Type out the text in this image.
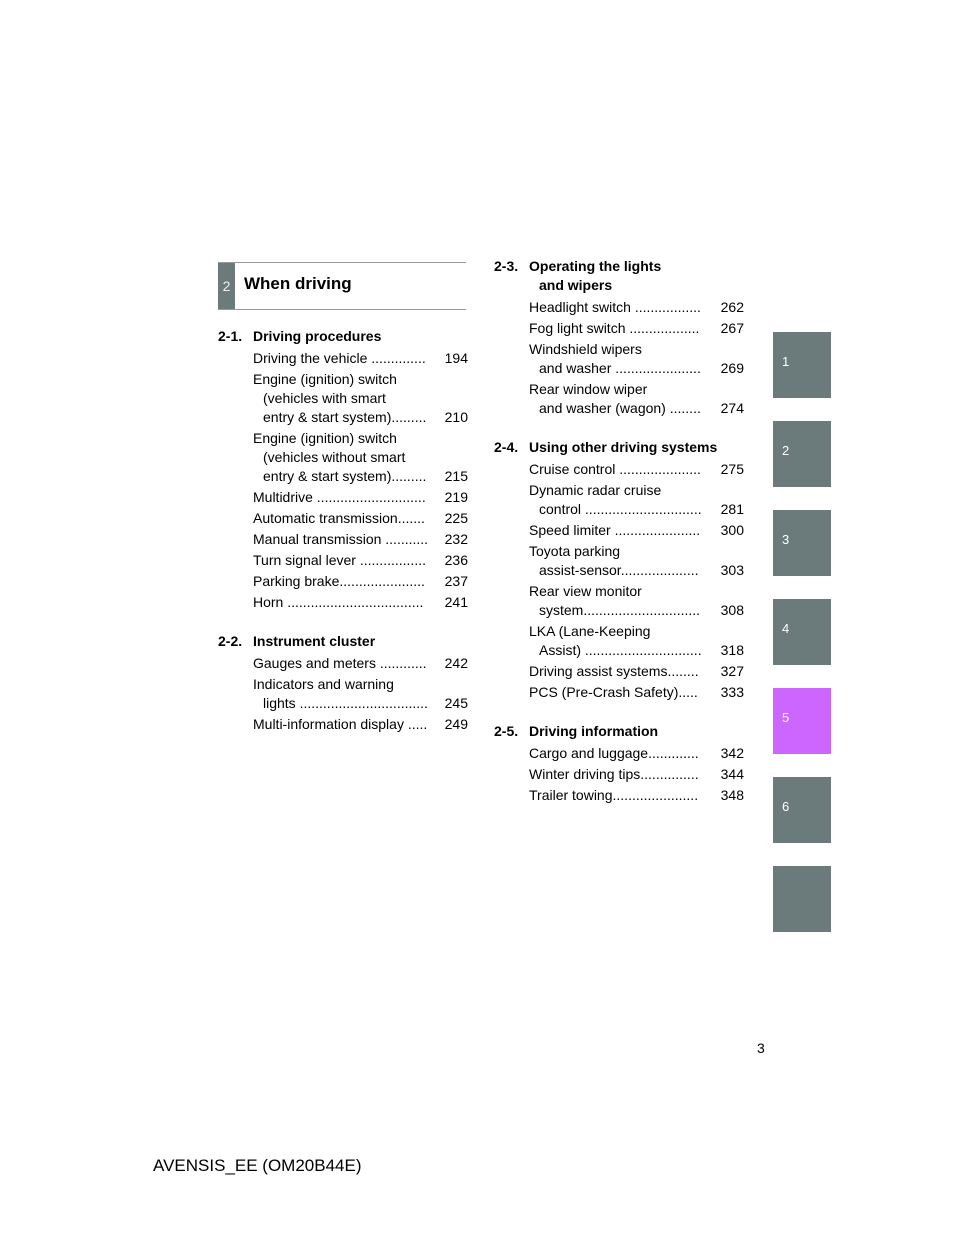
2 When driving
2-1. Driving procedures
Driving the vehicle ..............	194
Engine (ignition) switch
(vehicles with smart
entry & start system).........	210
Engine (ignition) switch
(vehicles without smart
entry & start system).........	215
Multidrive ............................	219
Automatic transmission.......	225
Manual transmission ...........	232
Turn signal lever .................	236
Parking brake......................	237
Horn ...................................	241
2-2. Instrument cluster
Gauges and meters ............	242
Indicators and warning
lights .................................	245
Multi-information display .....	249
2-3. Operating the lights
and wipers
Headlight switch .................	262
Fog light switch ..................	267
Windshield wipers
and washer ......................	269
Rear window wiper
and washer (wagon) ........	274
2-4. Using other driving systems
Cruise control .....................	275
Dynamic radar cruise
control ..............................	281
Speed limiter ......................	300
Toyota parking
assist-sensor....................	303
Rear view monitor
system..............................	308
LKA (Lane-Keeping
Assist) ..............................	318
Driving assist systems........	327
PCS (Pre-Crash Safety).....	333
2-5. Driving information
Cargo and luggage.............	342
Winter driving tips...............	344
Trailer towing......................	348
1
2
3
4
5
6
3
AVENSIS_EE (OM20B44E)
